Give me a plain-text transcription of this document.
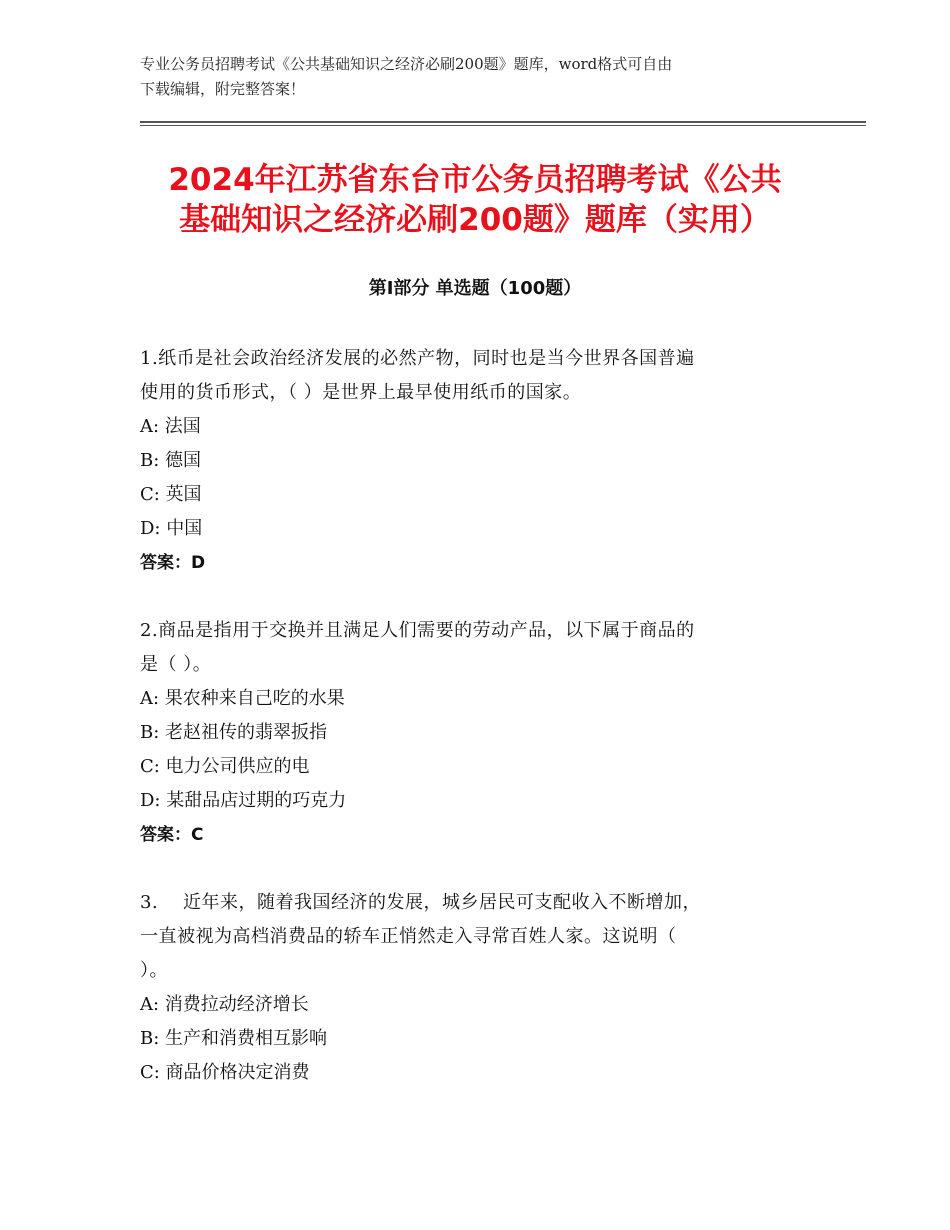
专业公务员招聘考试《公共基础知识之经济必刷200题》题库，word格式可自由
下载编辑，附完整答案！
2024年江苏省东台市公务员招聘考试《公共
基础知识之经济必刷200题》题库（实用）
第Ⅰ部分 单选题（100题）
1.纸币是社会政治经济发展的必然产物，同时也是当今世界各国普遍
使用的货币形式，（ ）是世界上最早使用纸币的国家。
A: 法国
B: 德国
C: 英国
D: 中国
答案：D
2.商品是指用于交换并且满足人们需要的劳动产品，以下属于商品的
是（ ）。
A: 果农种来自己吃的水果
B: 老赵祖传的翡翠扳指
C: 电力公司供应的电
D: 某甜品店过期的巧克力
答案：C
3.    近年来，随着我国经济的发展，城乡居民可支配收入不断增加，
一直被视为高档消费品的轿车正悄然走入寻常百姓人家。这说明（
）。
A: 消费拉动经济增长
B: 生产和消费相互影响
C: 商品价格决定消费
